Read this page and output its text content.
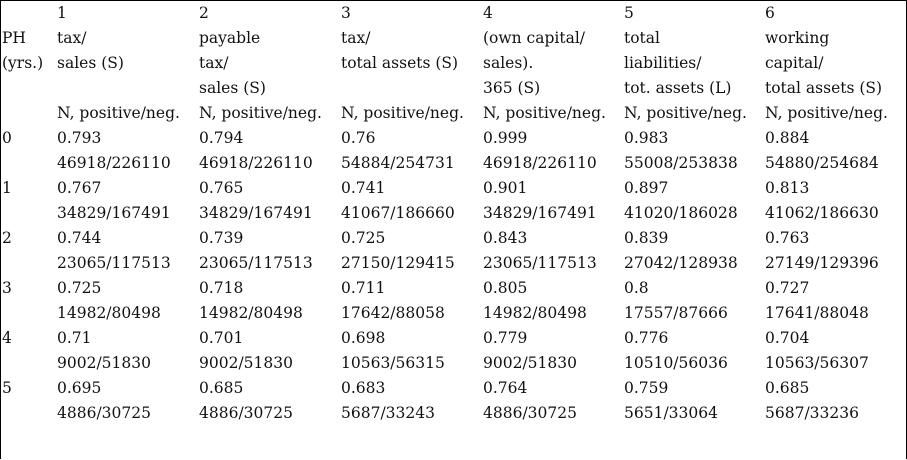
	1	2	3	4	5	6
PH	tax/	payable	tax/	(own capital/	total	working
(yrs.)	sales (S)	tax/	total assets (S)	sales).	liabilities/	capital/
		sales (S)		365 (S)	tot. assets (L)	total assets (S)
	N, positive/neg.	N, positive/neg.	N, positive/neg.	N, positive/neg.	N, positive/neg.	N, positive/neg.
0	0.793	0.794	0.76	0.999	0.983	0.884
	46918/226110	46918/226110	54884/254731	46918/226110	55008/253838	54880/254684
1	0.767	0.765	0.741	0.901	0.897	0.813
	34829/167491	34829/167491	41067/186660	34829/167491	41020/186028	41062/186630
2	0.744	0.739	0.725	0.843	0.839	0.763
	23065/117513	23065/117513	27150/129415	23065/117513	27042/128938	27149/129396
3	0.725	0.718	0.711	0.805	0.8	0.727
	14982/80498	14982/80498	17642/88058	14982/80498	17557/87666	17641/88048
4	0.71	0.701	0.698	0.779	0.776	0.704
	9002/51830	9002/51830	10563/56315	9002/51830	10510/56036	10563/56307
5	0.695	0.685	0.683	0.764	0.759	0.685
	4886/30725	4886/30725	5687/33243	4886/30725	5651/33064	5687/33236
